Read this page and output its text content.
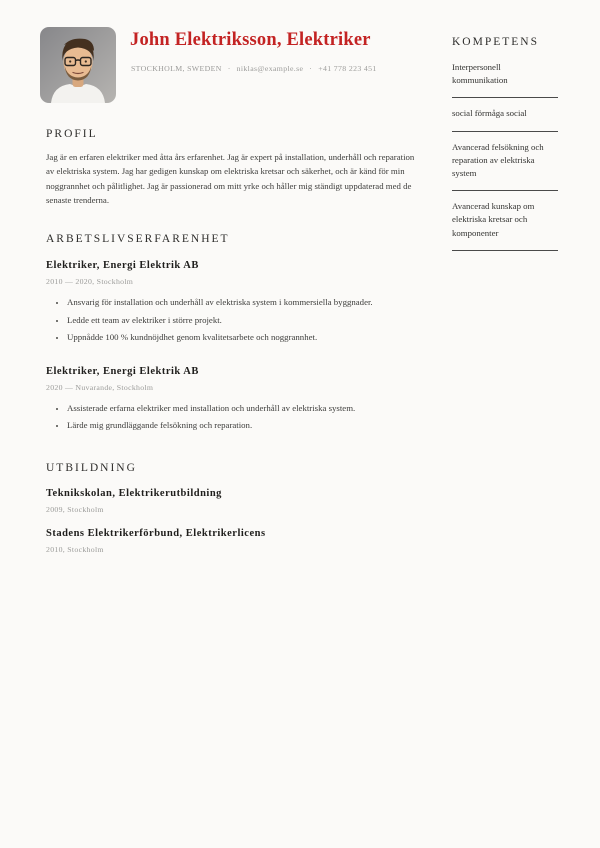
John Elektriksson, Elektriker
STOCKHOLM, SWEDEN · niklas@example.se · +41 778 223 451
KOMPETENS
Interpersonell kommunikation
social förmåga social
Avancerad felsökning och reparation av elektriska system
Avancerad kunskap om elektriska kretsar och komponenter
PROFIL

Jag är en erfaren elektriker med åtta års erfarenhet. Jag är expert på installation, underhåll och reparation av elektriska system. Jag har gedigen kunskap om elektriska kretsar och säkerhet, och är känd för min noggrannhet och pålitlighet. Jag är passionerad om mitt yrke och håller mig ständigt uppdaterad med de senaste trenderna.

ARBETSLIVSERFARENHET
Elektriker, Energi Elektrik AB
2010 — 2020, Stockholm
• Ansvarig för installation och underhåll av elektriska system i kommersiella byggnader.
• Ledde ett team av elektriker i större projekt.
• Uppnådde 100 % kundnöjdhet genom kvalitetsarbete och noggrannhet.
Elektriker, Energi Elektrik AB
2020 — Nuvarande, Stockholm
• Assisterade erfarna elektriker med installation och underhåll av elektriska system.
• Lärde mig grundläggande felsökning och reparation.
UTBILDNING
Teknikskolan, Elektrikerutbildning
2009, Stockholm
Stadens Elektrikerförbund, Elektrikerlicens
2010, Stockholm
